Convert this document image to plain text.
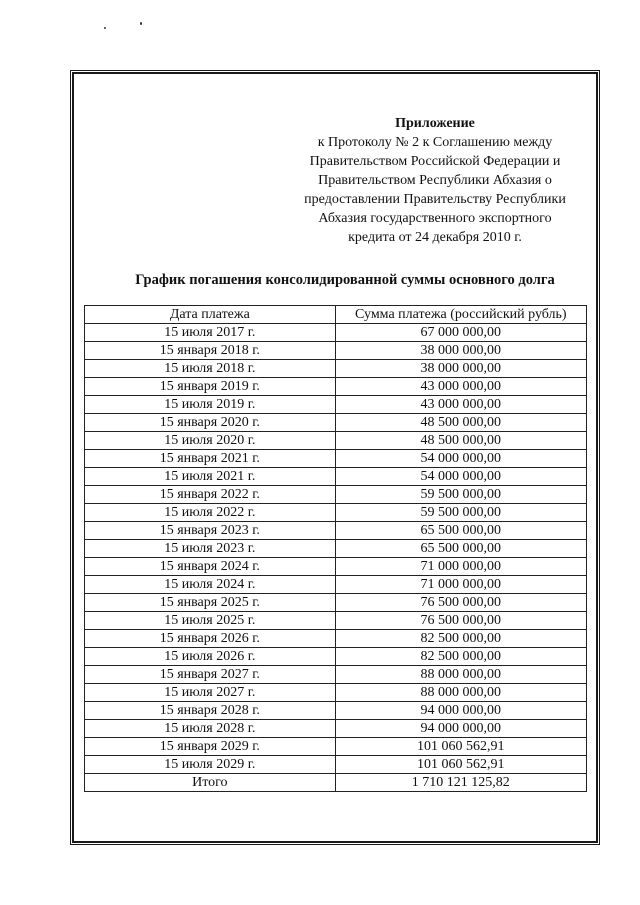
Приложение
к Протоколу № 2 к Соглашению между
Правительством Российской Федерации и
Правительством Республики Абхазия о
предоставлении Правительству Республики
Абхазия государственного экспортного
кредита от 24 декабря 2010 г.
График погашения консолидированной суммы основного долга
Дата платежа	Сумма платежа (российский рубль)
15 июля 2017 г.	67 000 000,00
15 января 2018 г.	38 000 000,00
15 июля 2018 г.	38 000 000,00
15 января 2019 г.	43 000 000,00
15 июля 2019 г.	43 000 000,00
15 января 2020 г.	48 500 000,00
15 июля 2020 г.	48 500 000,00
15 января 2021 г.	54 000 000,00
15 июля 2021 г.	54 000 000,00
15 января 2022 г.	59 500 000,00
15 июля 2022 г.	59 500 000,00
15 января 2023 г.	65 500 000,00
15 июля 2023 г.	65 500 000,00
15 января 2024 г.	71 000 000,00
15 июля 2024 г.	71 000 000,00
15 января 2025 г.	76 500 000,00
15 июля 2025 г.	76 500 000,00
15 января 2026 г.	82 500 000,00
15 июля 2026 г.	82 500 000,00
15 января 2027 г.	88 000 000,00
15 июля 2027 г.	88 000 000,00
15 января 2028 г.	94 000 000,00
15 июля 2028 г.	94 000 000,00
15 января 2029 г.	101 060 562,91
15 июля 2029 г.	101 060 562,91
Итого	1 710 121 125,82
